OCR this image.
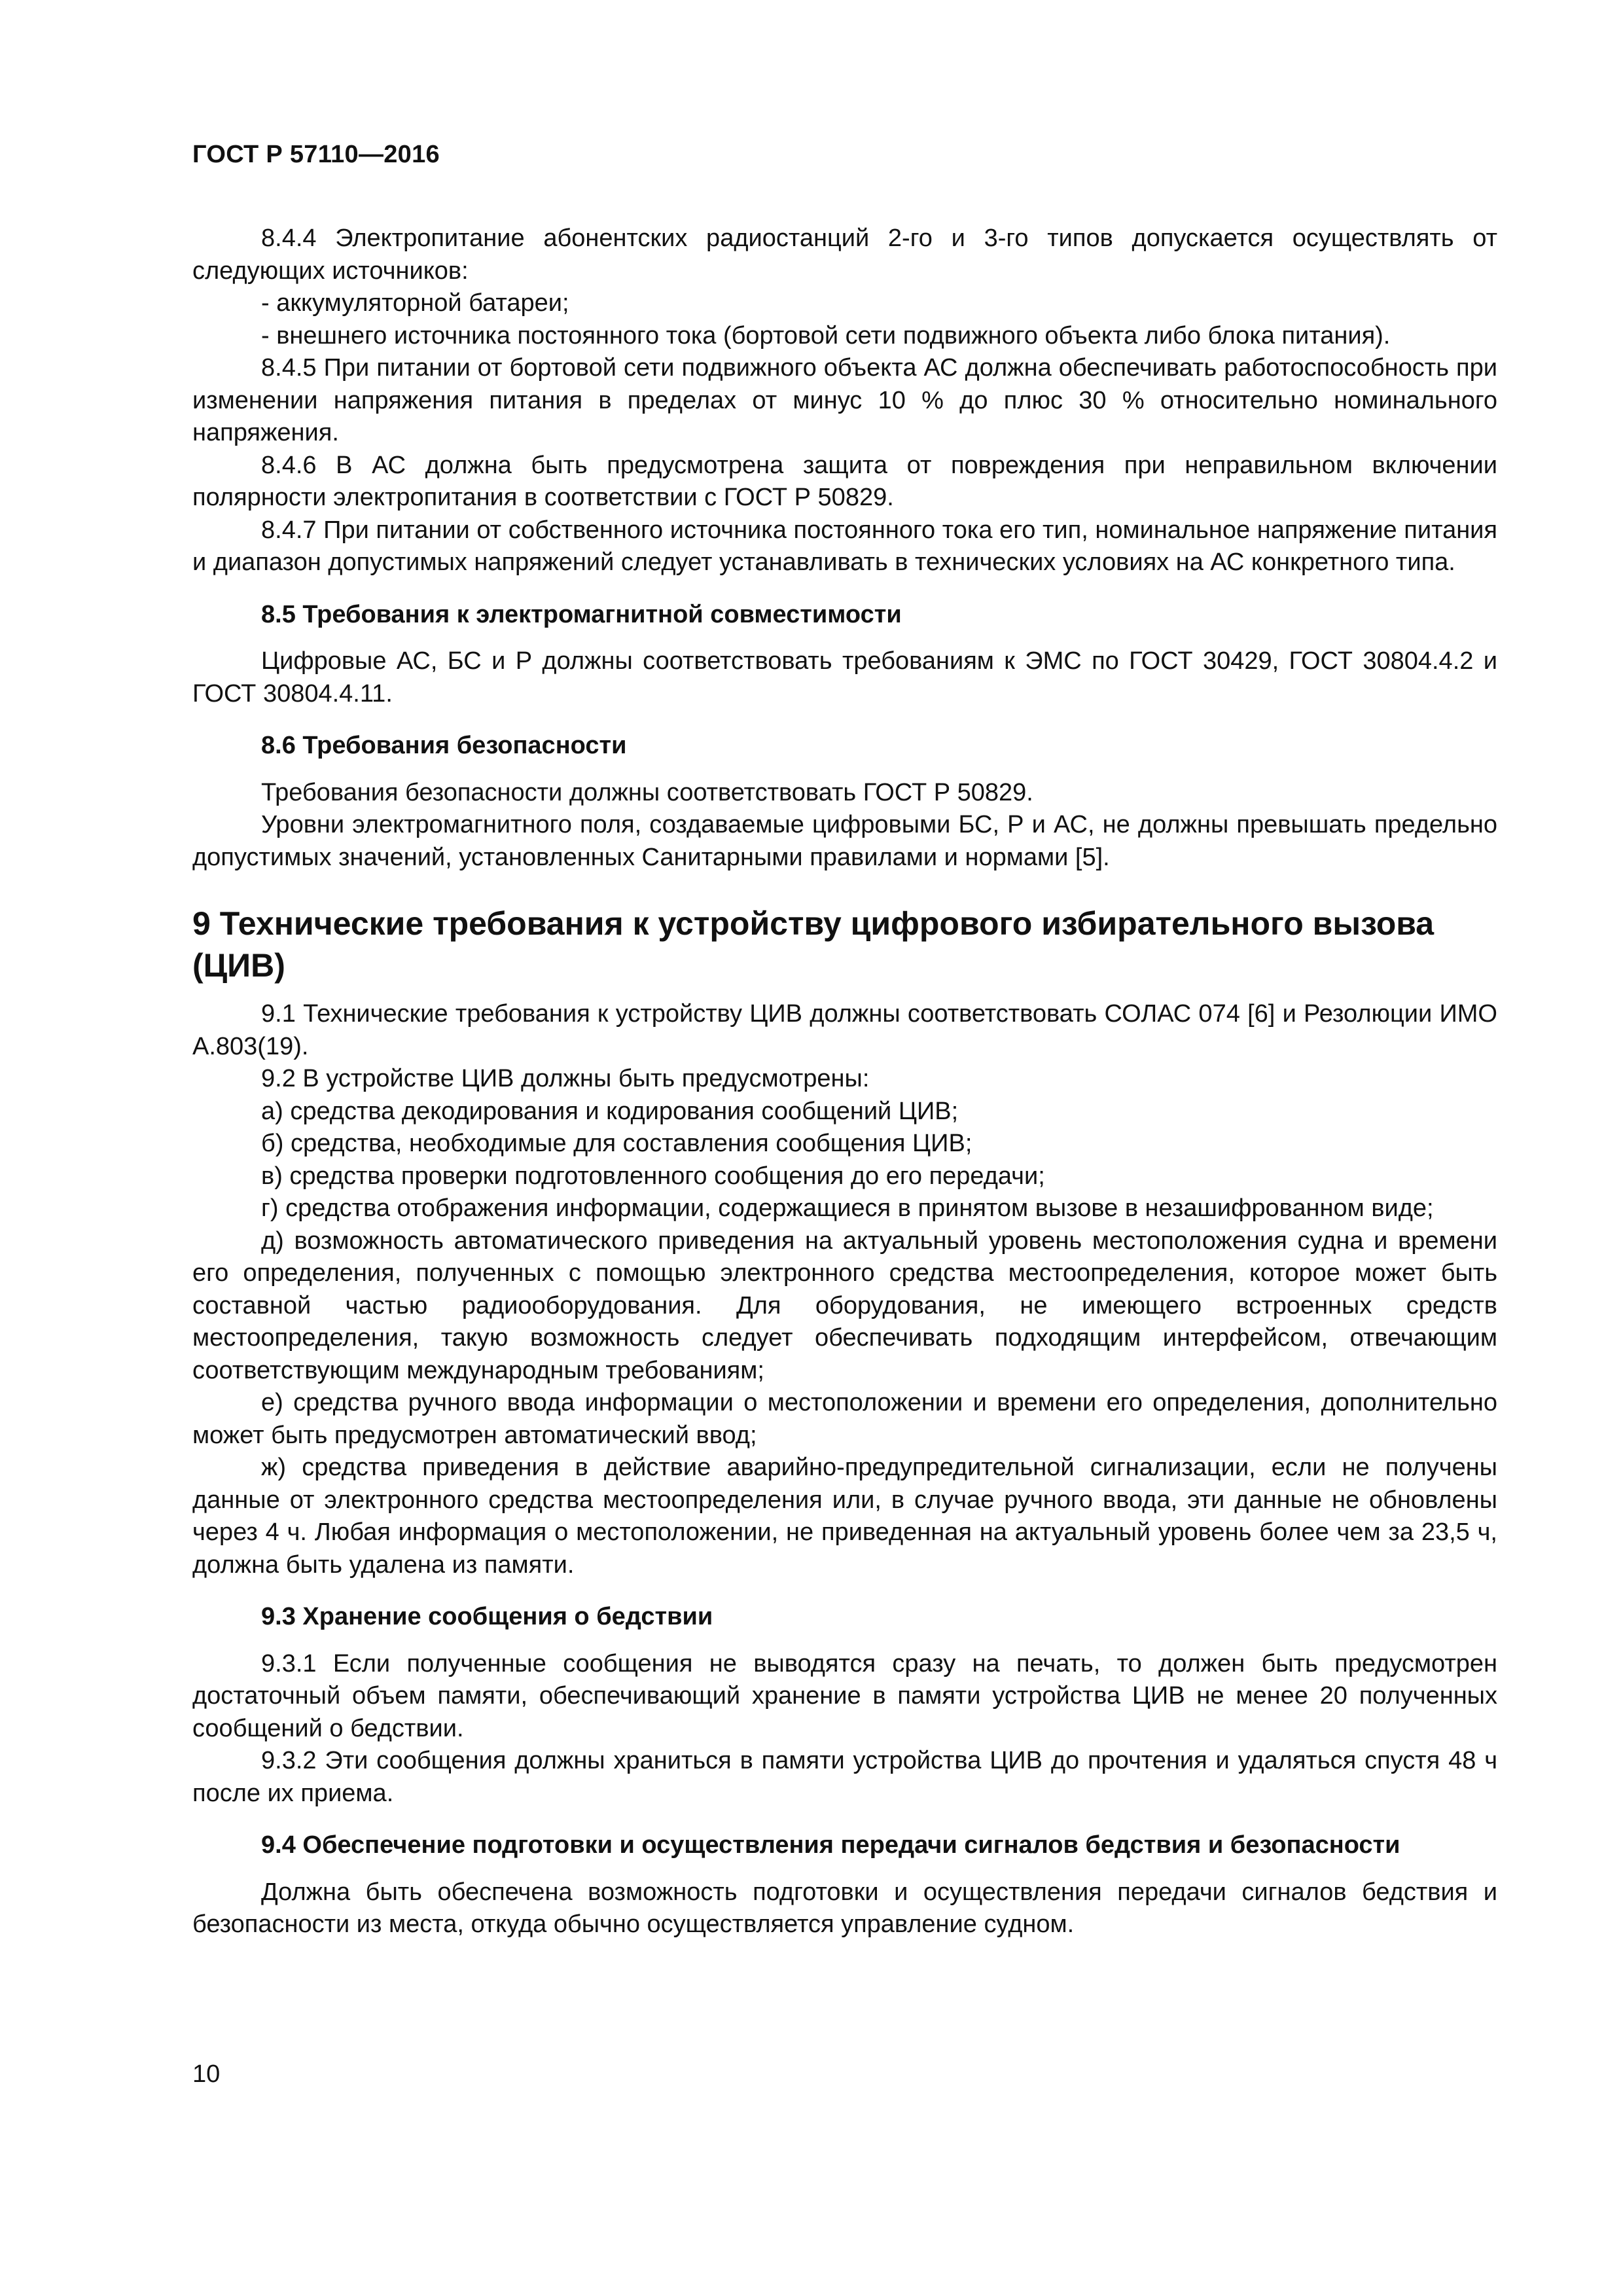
ГОСТ Р 57110—2016

8.4.4 Электропитание абонентских радиостанций 2-го и 3-го типов допускается осуществлять от следующих источников:

- аккумуляторной батареи;

- внешнего источника постоянного тока (бортовой сети подвижного объекта либо блока питания).

8.4.5 При питании от бортовой сети подвижного объекта АС должна обеспечивать работоспособность при изменении напряжения питания в пределах от минус 10 % до плюс 30 % относительно номинального напряжения.

8.4.6 В АС должна быть предусмотрена защита от повреждения при неправильном включении полярности электропитания в соответствии с ГОСТ Р 50829.

8.4.7 При питании от собственного источника постоянного тока его тип, номинальное напряжение питания и диапазон допустимых напряжений следует устанавливать в технических условиях на АС конкретного типа.

8.5 Требования к электромагнитной совместимости

Цифровые АС, БС и Р должны соответствовать требованиям к ЭМС по ГОСТ 30429, ГОСТ 30804.4.2 и ГОСТ 30804.4.11.

8.6 Требования безопасности

Требования безопасности должны соответствовать ГОСТ Р 50829.

Уровни электромагнитного поля, создаваемые цифровыми БС, Р и АС, не должны превышать предельно допустимых значений, установленных Санитарными правилами и нормами [5].

9 Технические требования к устройству цифрового избирательного вызова (ЦИВ)

9.1 Технические требования к устройству ЦИВ должны соответствовать СОЛАС 074 [6] и Резолюции ИМО А.803(19).

9.2 В устройстве ЦИВ должны быть предусмотрены:

а) средства декодирования и кодирования сообщений ЦИВ;

б) средства, необходимые для составления сообщения ЦИВ;

в) средства проверки подготовленного сообщения до его передачи;

г) средства отображения информации, содержащиеся в принятом вызове в незашифрованном виде;

д) возможность автоматического приведения на актуальный уровень местоположения судна и времени его определения, полученных с помощью электронного средства местоопределения, которое может быть составной частью радиооборудования. Для оборудования, не имеющего встроенных средств местоопределения, такую возможность следует обеспечивать подходящим интерфейсом, отвечающим соответствующим международным требованиям;

е) средства ручного ввода информации о местоположении и времени его определения, дополнительно может быть предусмотрен автоматический ввод;

ж) средства приведения в действие аварийно-предупредительной сигнализации, если не получены данные от электронного средства местоопределения или, в случае ручного ввода, эти данные не обновлены через 4 ч. Любая информация о местоположении, не приведенная на актуальный уровень более чем за 23,5 ч, должна быть удалена из памяти.

9.3 Хранение сообщения о бедствии

9.3.1 Если полученные сообщения не выводятся сразу на печать, то должен быть предусмотрен достаточный объем памяти, обеспечивающий хранение в памяти устройства ЦИВ не менее 20 полученных сообщений о бедствии.

9.3.2 Эти сообщения должны храниться в памяти устройства ЦИВ до прочтения и удаляться спустя 48 ч после их приема.

9.4 Обеспечение подготовки и осуществления передачи сигналов бедствия и безопасности

Должна быть обеспечена возможность подготовки и осуществления передачи сигналов бедствия и безопасности из места, откуда обычно осуществляется управление судном.

10
